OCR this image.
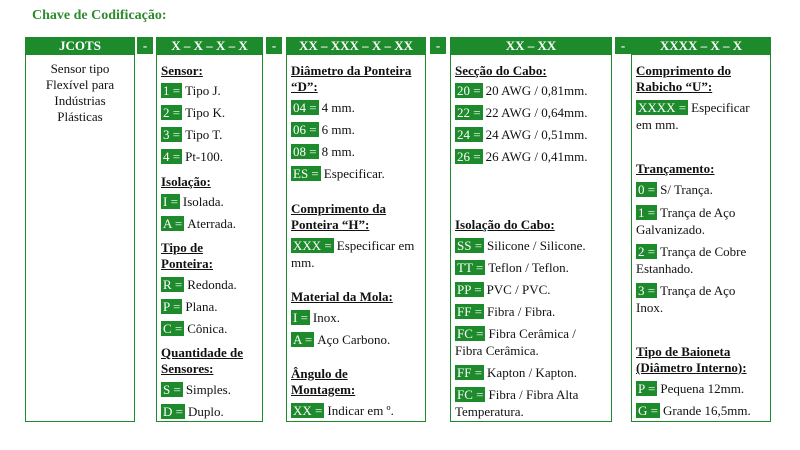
Chave de Codificação:
JCOTS	-	X – X – X – X	-	XX – XXX – X – XX	-	XX – XX	-	XXXX – X – X
Sensor tipo
Flexível para
Indústrias
Plásticas
Sensor:
1 = Tipo J.
2 = Tipo K.
3 = Tipo T.
4 = Pt-100.
Isolação:
I = Isolada.
A = Aterrada.
Tipo de
Ponteira:
R = Redonda.
P = Plana.
C = Cônica.
Quantidade de
Sensores:
S = Simples.
D = Duplo.
Diâmetro da Ponteira
“D”:
04 = 4 mm.
06 = 6 mm.
08 = 8 mm.
ES = Especificar.
Comprimento da
Ponteira “H”:
XXX = Especificar em
mm.
Material da Mola:
I = Inox.
A = Aço Carbono.
Ângulo de
Montagem:
XX = Indicar em º.
Secção do Cabo:
20 = 20 AWG / 0,81mm.
22 = 22 AWG / 0,64mm.
24 = 24 AWG / 0,51mm.
26 = 26 AWG / 0,41mm.
Isolação do Cabo:
SS = Silicone / Silicone.
TT = Teflon / Teflon.
PP = PVC / PVC.
FF = Fibra / Fibra.
FC = Fibra Cerâmica /
Fibra Cerâmica.
FF = Kapton / Kapton.
FC = Fibra / Fibra Alta
Temperatura.
Comprimento do
Rabicho “U”:
XXXX = Especificar
em mm.
Trançamento:
0 = S/ Trança.
1 = Trança de Aço
Galvanizado.
2 = Trança de Cobre
Estanhado.
3 = Trança de Aço
Inox.
Tipo de Baioneta
(Diâmetro Interno):
P = Pequena 12mm.
G = Grande 16,5mm.
